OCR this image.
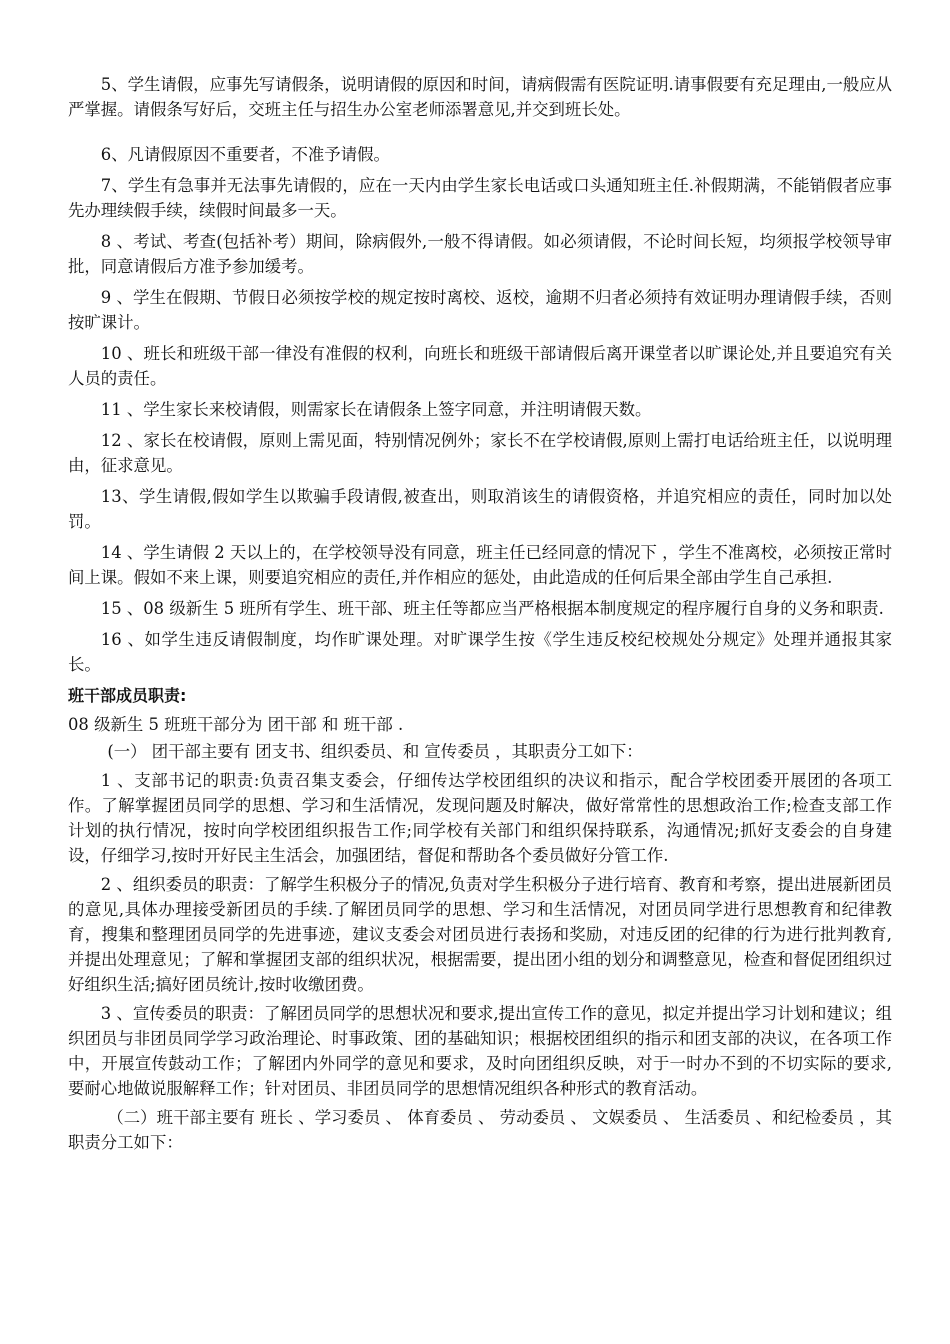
5、学生请假，应事先写请假条，说明请假的原因和时间，请病假需有医院证明.请事假要有充足理由,一般应从严掌握。请假条写好后，交班主任与招生办公室老师添署意见,并交到班长处。

6、凡请假原因不重要者，不准予请假。

7、学生有急事并无法事先请假的，应在一天内由学生家长电话或口头通知班主任.补假期满，不能销假者应事先办理续假手续，续假时间最多一天。

8 、考试、考查(包括补考）期间，除病假外,一般不得请假。如必须请假，不论时间长短，均须报学校领导审批，同意请假后方准予参加缓考。

9 、学生在假期、节假日必须按学校的规定按时离校、返校，逾期不归者必须持有效证明办理请假手续，否则按旷课计。

10 、班长和班级干部一律没有准假的权利，向班长和班级干部请假后离开课堂者以旷课论处,并且要追究有关人员的责任。

11 、学生家长来校请假，则需家长在请假条上签字同意，并注明请假天数。

12 、家长在校请假，原则上需见面，特别情况例外；家长不在学校请假,原则上需打电话给班主任，以说明理由，征求意见。

13、学生请假,假如学生以欺骗手段请假,被查出，则取消该生的请假资格，并追究相应的责任，同时加以处罚。

14 、学生请假 2 天以上的，在学校领导没有同意，班主任已经同意的情况下 ，学生不准离校，必须按正常时间上课。假如不来上课，则要追究相应的责任,并作相应的惩处，由此造成的任何后果全部由学生自己承担.

15 、08 级新生 5 班所有学生、班干部、班主任等都应当严格根据本制度规定的程序履行自身的义务和职责.

16 、如学生违反请假制度，均作旷课处理。对旷课学生按《学生违反校纪校规处分规定》处理并通报其家长。

班干部成员职责:

08 级新生 5 班班干部分为 团干部 和 班干部 .

(一） 团干部主要有 团支书、组织委员、和 宣传委员 ，其职责分工如下：

1 、支部书记的职责:负责召集支委会，仔细传达学校团组织的决议和指示，配合学校团委开展团的各项工作。了解掌握团员同学的思想、学习和生活情况，发现问题及时解决，做好常常性的思想政治工作;检查支部工作计划的执行情况，按时向学校团组织报告工作;同学校有关部门和组织保持联系，沟通情况;抓好支委会的自身建设，仔细学习,按时开好民主生活会，加强团结，督促和帮助各个委员做好分管工作.

2 、组织委员的职责：了解学生积极分子的情况,负责对学生积极分子进行培育、教育和考察，提出进展新团员的意见,具体办理接受新团员的手续.了解团员同学的思想、学习和生活情况，对团员同学进行思想教育和纪律教育，搜集和整理团员同学的先进事迹，建议支委会对团员进行表扬和奖励，对违反团的纪律的行为进行批判教育,并提出处理意见；了解和掌握团支部的组织状况，根据需要，提出团小组的划分和调整意见，检查和督促团组织过好组织生活;搞好团员统计,按时收缴团费。

3 、宣传委员的职责：了解团员同学的思想状况和要求,提出宣传工作的意见，拟定并提出学习计划和建议；组织团员与非团员同学学习政治理论、时事政策、团的基础知识；根据校团组织的指示和团支部的决议，在各项工作中，开展宣传鼓动工作；了解团内外同学的意见和要求，及时向团组织反映，对于一时办不到的不切实际的要求,要耐心地做说服解释工作；针对团员、非团员同学的思想情况组织各种形式的教育活动。

（二）班干部主要有 班长 、学习委员 、 体育委员 、 劳动委员 、 文娱委员 、 生活委员 、和纪检委员 ，其职责分工如下：
